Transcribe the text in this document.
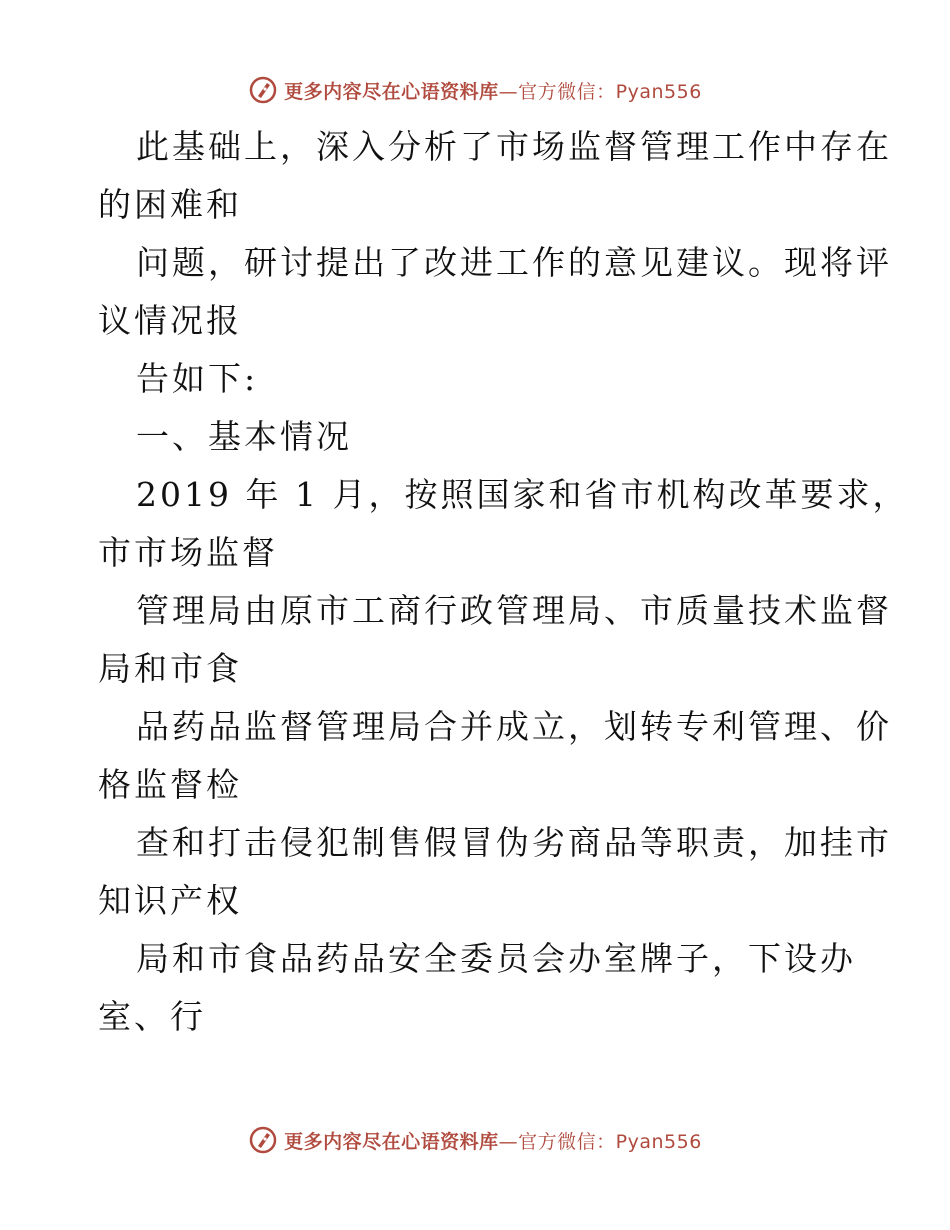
更多内容尽在心语资料库—官方微信：Pyan556

此基础上，深入分析了市场监督管理工作中存在

的困难和

问题，研讨提出了改进工作的意见建议。现将评

议情况报

告如下:

一、基本情况

2019 年 1 月，按照国家和省市机构改革要求，

市市场监督

管理局由原市工商行政管理局、市质量技术监督

局和市食

品药品监督管理局合并成立，划转专利管理、价

格监督检

查和打击侵犯制售假冒伪劣商品等职责，加挂市

知识产权

局和市食品药品安全委员会办室牌子，下设办

室、行

更多内容尽在心语资料库—官方微信：Pyan556
